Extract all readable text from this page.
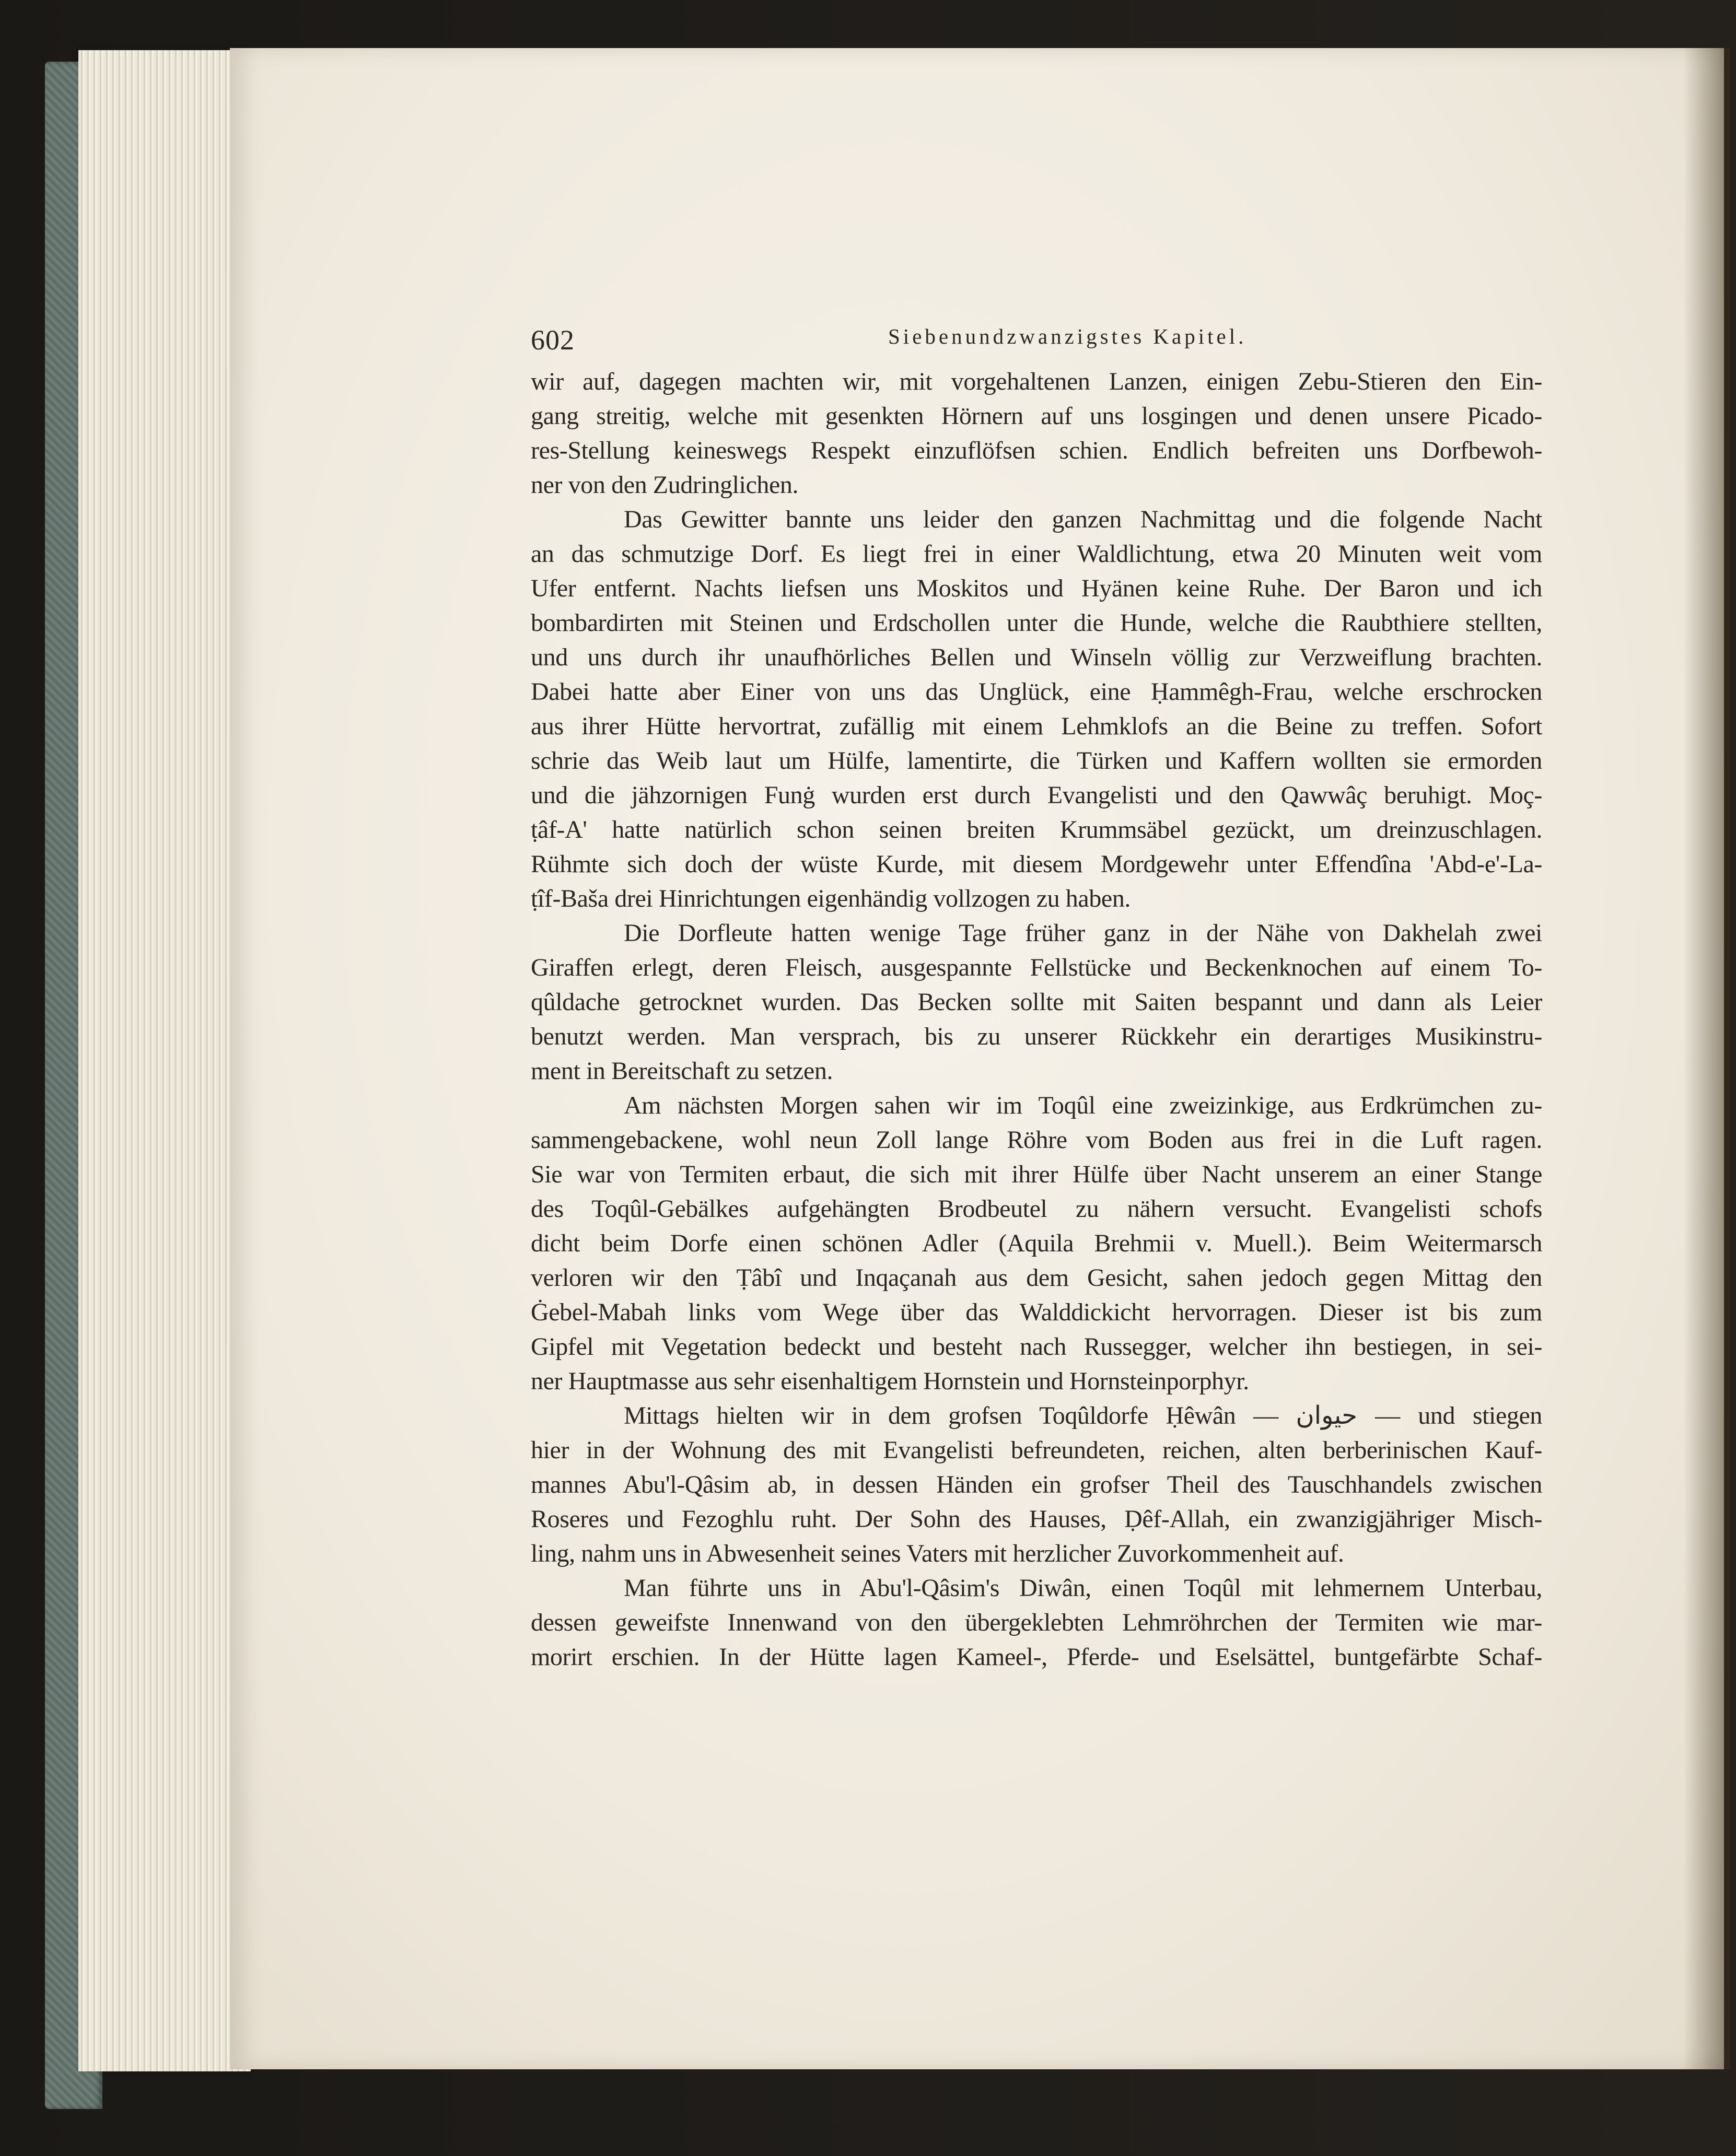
602	Siebenundzwanzigstes Kapitel.
wir auf, dagegen machten wir, mit vorgehaltenen Lanzen, einigen Zebu-Stieren den Ein-
gang streitig, welche mit gesenkten Hörnern auf uns losgingen und denen unsere Picado-
res-Stellung keineswegs Respekt einzuflöfsen schien. Endlich befreiten uns Dorfbewoh-
ner von den Zudringlichen.
Das Gewitter bannte uns leider den ganzen Nachmittag und die folgende Nacht
an das schmutzige Dorf. Es liegt frei in einer Waldlichtung, etwa 20 Minuten weit vom
Ufer entfernt. Nachts liefsen uns Moskitos und Hyänen keine Ruhe. Der Baron und ich
bombardirten mit Steinen und Erdschollen unter die Hunde, welche die Raubthiere stellten,
und uns durch ihr unaufhörliches Bellen und Winseln völlig zur Verzweiflung brachten.
Dabei hatte aber Einer von uns das Unglück, eine Ḥammêgh-Frau, welche erschrocken
aus ihrer Hütte hervortrat, zufällig mit einem Lehmklofs an die Beine zu treffen. Sofort
schrie das Weib laut um Hülfe, lamentirte, die Türken und Kaffern wollten sie ermorden
und die jähzornigen Funġ wurden erst durch Evangelisti und den Qawwâç beruhigt. Moç-
ṭâf-A' hatte natürlich schon seinen breiten Krummsäbel gezückt, um dreinzuschlagen.
Rühmte sich doch der wüste Kurde, mit diesem Mordgewehr unter Effendîna 'Abd-e'-La-
ṭîf-Baša drei Hinrichtungen eigenhändig vollzogen zu haben.
Die Dorfleute hatten wenige Tage früher ganz in der Nähe von Dakhelah zwei
Giraffen erlegt, deren Fleisch, ausgespannte Fellstücke und Beckenknochen auf einem To-
qûldache getrocknet wurden. Das Becken sollte mit Saiten bespannt und dann als Leier
benutzt werden. Man versprach, bis zu unserer Rückkehr ein derartiges Musikinstru-
ment in Bereitschaft zu setzen.
Am nächsten Morgen sahen wir im Toqûl eine zweizinkige, aus Erdkrümchen zu-
sammengebackene, wohl neun Zoll lange Röhre vom Boden aus frei in die Luft ragen.
Sie war von Termiten erbaut, die sich mit ihrer Hülfe über Nacht unserem an einer Stange
des Toqûl-Gebälkes aufgehängten Brodbeutel zu nähern versucht. Evangelisti schofs
dicht beim Dorfe einen schönen Adler (Aquila Brehmii v. Muell.). Beim Weitermarsch
verloren wir den Ṭâbî und Inqaçanah aus dem Gesicht, sahen jedoch gegen Mittag den
Ġebel-Mabah links vom Wege über das Walddickicht hervorragen. Dieser ist bis zum
Gipfel mit Vegetation bedeckt und besteht nach Russegger, welcher ihn bestiegen, in sei-
ner Hauptmasse aus sehr eisenhaltigem Hornstein und Hornsteinporphyr.
Mittags hielten wir in dem grofsen Toqûldorfe Ḥêwân — حيوان — und stiegen
hier in der Wohnung des mit Evangelisti befreundeten, reichen, alten berberinischen Kauf-
mannes Abu'l-Qâsim ab, in dessen Händen ein grofser Theil des Tauschhandels zwischen
Roseres und Fezoghlu ruht. Der Sohn des Hauses, Ḍêf-Allah, ein zwanzigjähriger Misch-
ling, nahm uns in Abwesenheit seines Vaters mit herzlicher Zuvorkommenheit auf.
Man führte uns in Abu'l-Qâsim's Diwân, einen Toqûl mit lehmernem Unterbau,
dessen geweifste Innenwand von den übergeklebten Lehmröhrchen der Termiten wie mar-
morirt erschien. In der Hütte lagen Kameel-, Pferde- und Eselsättel, buntgefärbte Schaf-
